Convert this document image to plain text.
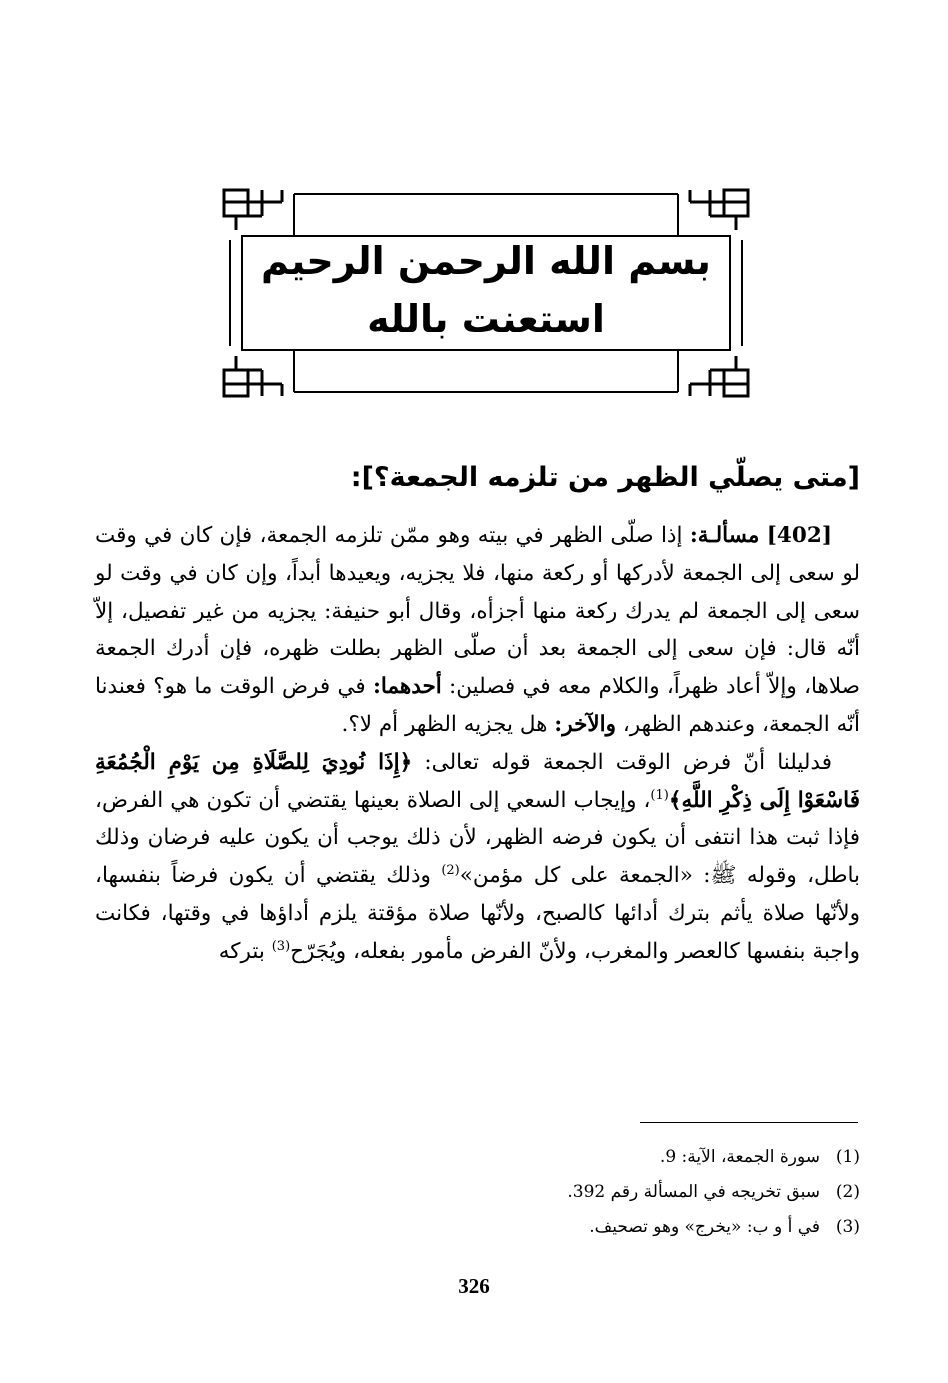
بسم الله الرحمن الرحيم
استعنت بالله
[متى يصلّي الظهر من تلزمه الجمعة؟]:

[402] مسألـة: إذا صلّى الظهر في بيته وهو ممّن تلزمه الجمعة، فإن كان في وقت لو سعى إلى الجمعة لأدركها أو ركعة منها، فلا يجزيه، ويعيدها أبداً، وإن كان في وقت لو سعى إلى الجمعة لم يدرك ركعة منها أجزأه، وقال أبو حنيفة: يجزيه من غير تفصيل، إلاّ أنّه قال: فإن سعى إلى الجمعة بعد أن صلّى الظهر بطلت ظهره، فإن أدرك الجمعة صلاها، وإلاّ أعاد ظهراً، والكلام معه في فصلين: أحدهما: في فرض الوقت ما هو؟ فعندنا أنّه الجمعة، وعندهم الظهر، والآخر: هل يجزيه الظهر أم لا؟.

فدليلنا أنّ فرض الوقت الجمعة قوله تعالى: ﴿إِذَا نُودِيَ لِلصَّلَاةِ مِن يَوْمِ الْجُمُعَةِ فَاسْعَوْا إِلَى ذِكْرِ اللَّهِ﴾$^{(1)}$، وإيجاب السعي إلى الصلاة بعينها يقتضي أن تكون هي الفرض، فإذا ثبت هذا انتفى أن يكون فرضه الظهر، لأن ذلك يوجب أن يكون عليه فرضان وذلك باطل، وقوله ﷺ: «الجمعة على كل مؤمن»$^{(2)}$ وذلك يقتضي أن يكون فرضاً بنفسها، ولأنّها صلاة يأثم بترك أدائها كالصبح، ولأنّها صلاة مؤقتة يلزم أداؤها في وقتها، فكانت واجبة بنفسها كالعصر والمغرب، ولأنّ الفرض مأمور بفعله، ويُجَرّح$^{(3)}$ بتركه

(1)سورة الجمعة، الآية: 9.
(2)سبق تخريجه في المسألة رقم 392.
(3)في أ و ب: «يخرج» وهو تصحيف.
326
